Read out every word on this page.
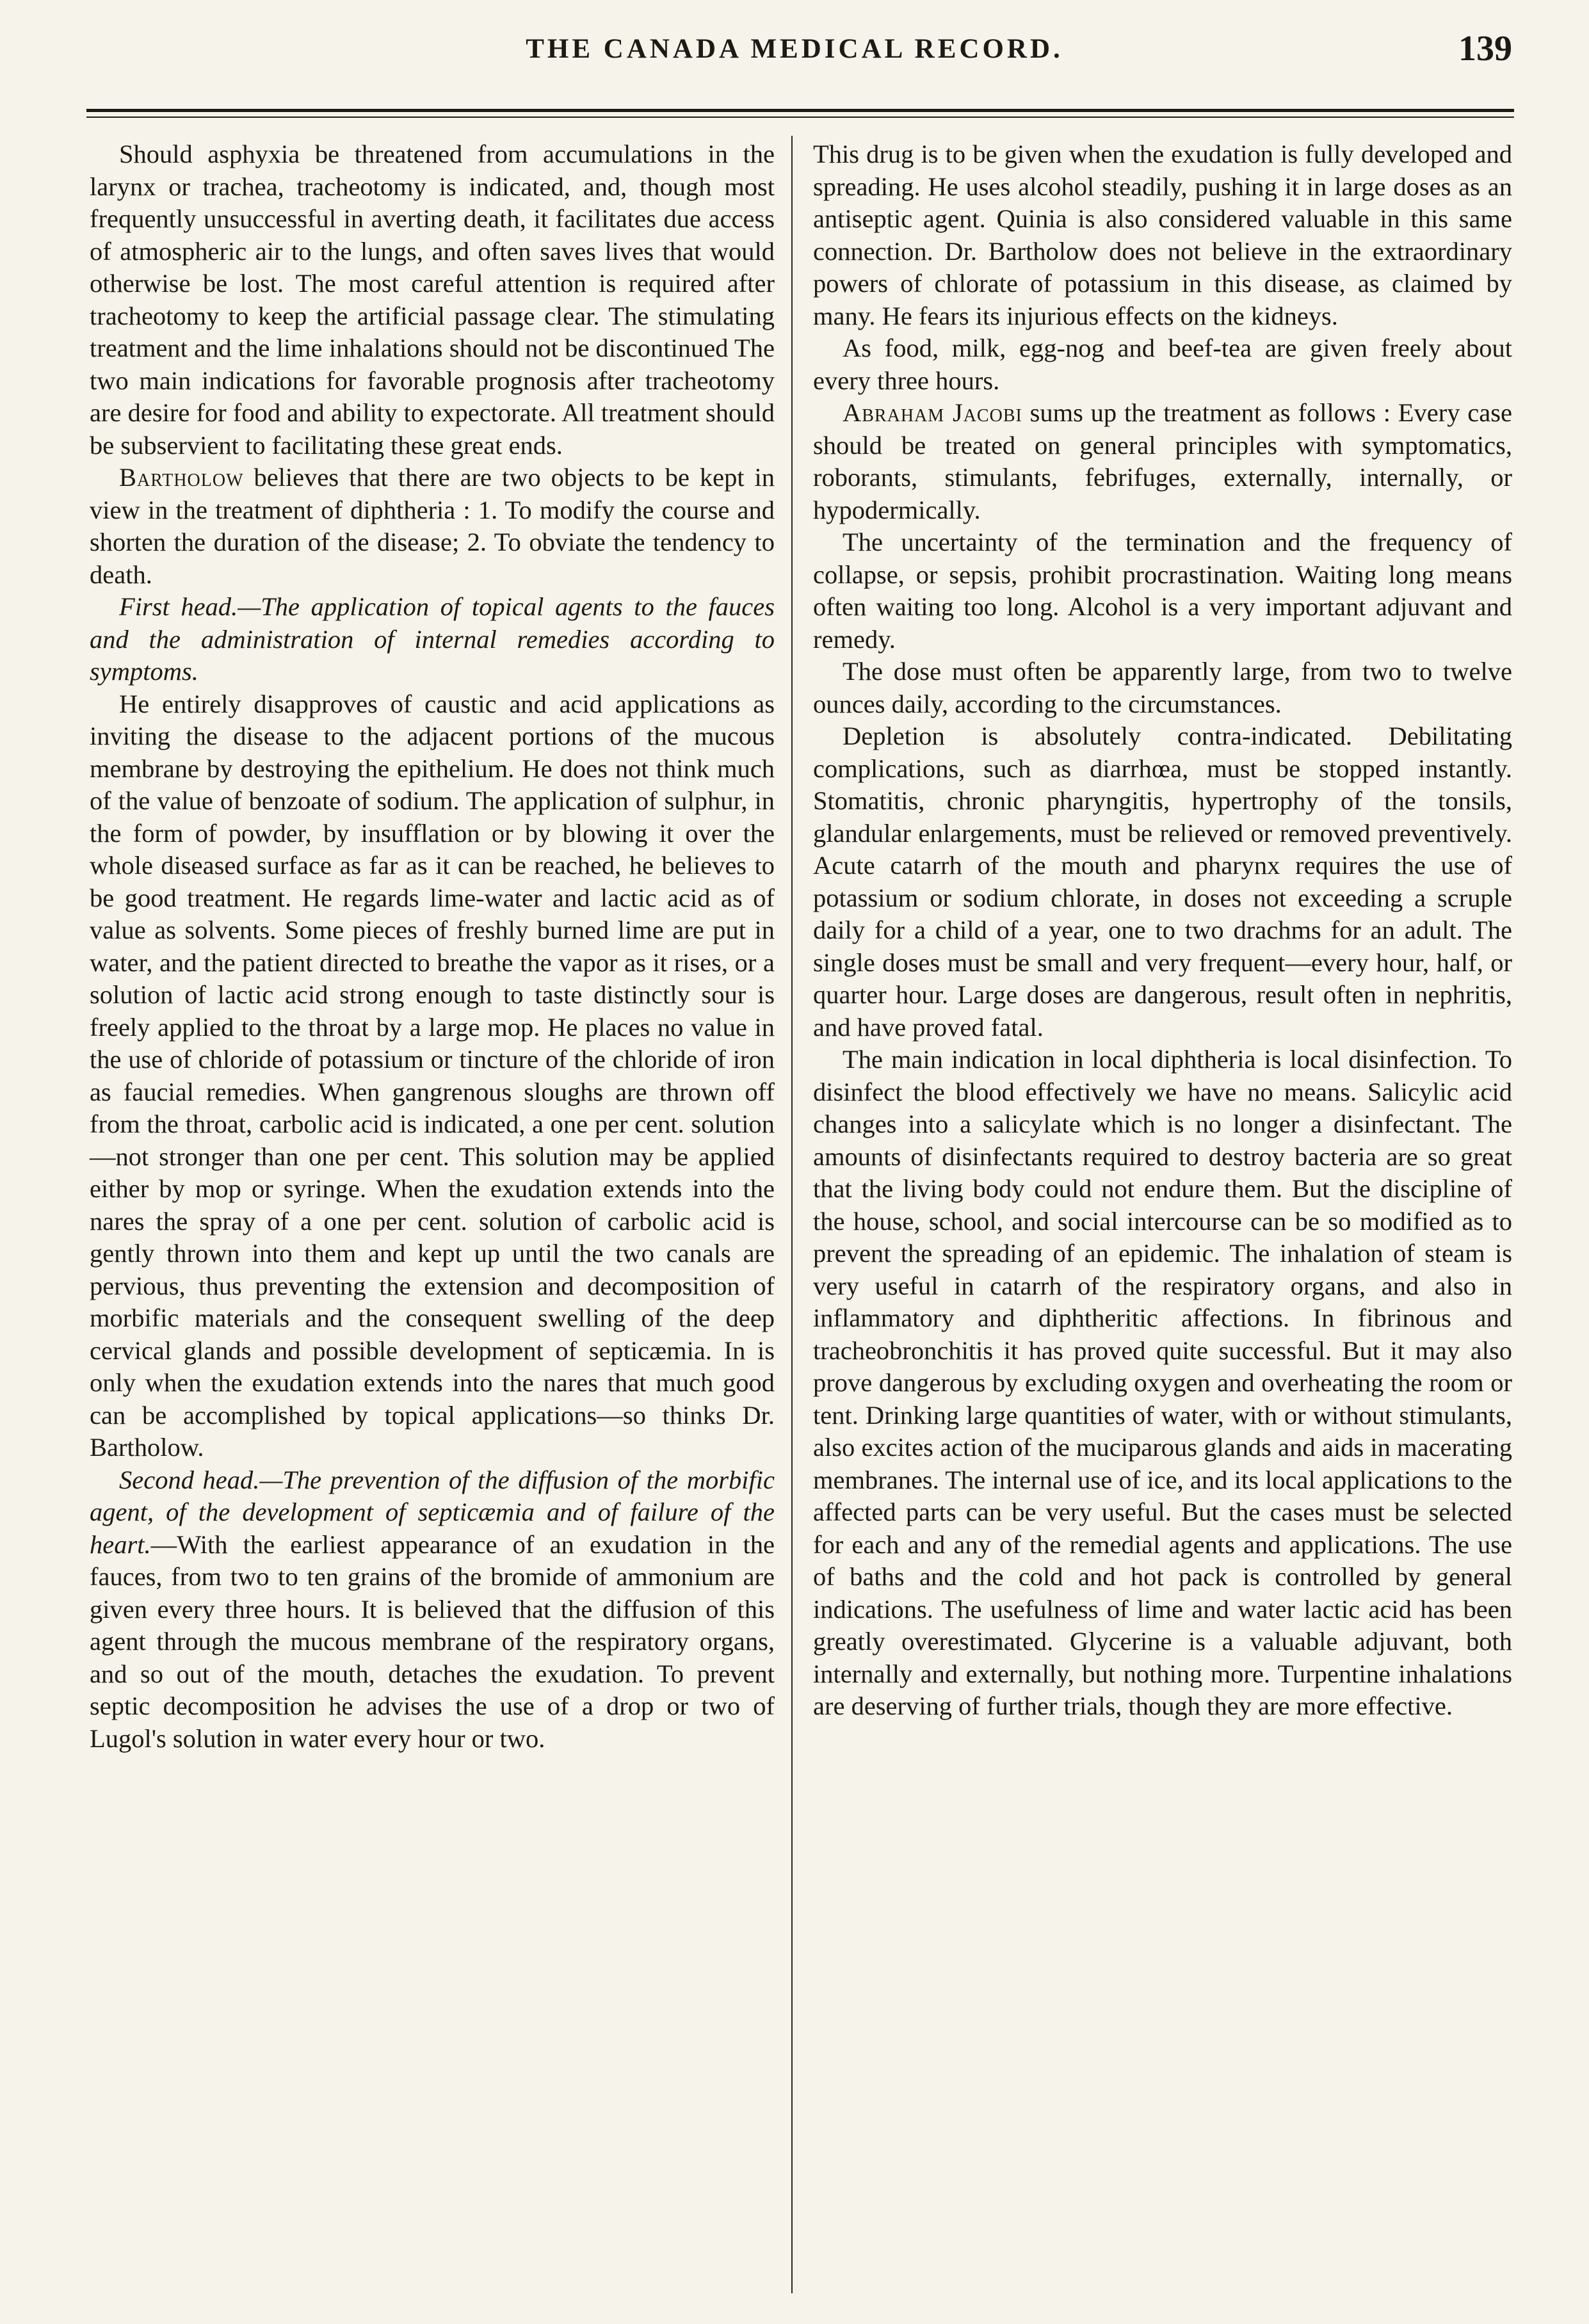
THE CANADA MEDICAL RECORD.	139

Should asphyxia be threatened from accumulations in the larynx or trachea, tracheotomy is indicated, and, though most frequently unsuccessful in averting death, it facilitates due access of atmospheric air to the lungs, and often saves lives that would otherwise be lost. The most careful attention is required after tracheotomy to keep the artificial passage clear. The stimulating treatment and the lime inhalations should not be discontinued The two main indications for favorable prognosis after tracheotomy are desire for food and ability to expectorate. All treatment should be subservient to facilitating these great ends.

Bartholow believes that there are two objects to be kept in view in the treatment of diphtheria : 1. To modify the course and shorten the duration of the disease; 2. To obviate the tendency to death.

First head.—The application of topical agents to the fauces and the administration of internal remedies according to symptoms.

He entirely disapproves of caustic and acid applications as inviting the disease to the adjacent portions of the mucous membrane by destroying the epithelium. He does not think much of the value of benzoate of sodium. The application of sulphur, in the form of powder, by insufflation or by blowing it over the whole diseased surface as far as it can be reached, he believes to be good treatment. He regards lime-water and lactic acid as of value as solvents. Some pieces of freshly burned lime are put in water, and the patient directed to breathe the vapor as it rises, or a solution of lactic acid strong enough to taste distinctly sour is freely applied to the throat by a large mop. He places no value in the use of chloride of potassium or tincture of the chloride of iron as faucial remedies. When gangrenous sloughs are thrown off from the throat, carbolic acid is indicated, a one per cent. solution—not stronger than one per cent. This solution may be applied either by mop or syringe. When the exudation extends into the nares the spray of a one per cent. solution of carbolic acid is gently thrown into them and kept up until the two canals are pervious, thus preventing the extension and decomposition of morbific materials and the consequent swelling of the deep cervical glands and possible development of septicæmia. In is only when the exudation extends into the nares that much good can be accomplished by topical applications—so thinks Dr. Bartholow.

Second head.—The prevention of the diffusion of the morbific agent, of the development of septicæmia and of failure of the heart.—With the earliest appearance of an exudation in the fauces, from two to ten grains of the bromide of ammonium are given every three hours. It is believed that the diffusion of this agent through the mucous membrane of the respiratory organs, and so out of the mouth, detaches the exudation. To prevent septic decomposition he advises the use of a drop or two of Lugol's solution in water every hour or two.

This drug is to be given when the exudation is fully developed and spreading. He uses alcohol steadily, pushing it in large doses as an antiseptic agent. Quinia is also considered valuable in this same connection. Dr. Bartholow does not believe in the extraordinary powers of chlorate of potassium in this disease, as claimed by many. He fears its injurious effects on the kidneys.

As food, milk, egg-nog and beef-tea are given freely about every three hours.

Abraham Jacobi sums up the treatment as follows : Every case should be treated on general principles with symptomatics, roborants, stimulants, febrifuges, externally, internally, or hypodermically.

The uncertainty of the termination and the frequency of collapse, or sepsis, prohibit procrastination. Waiting long means often waiting too long. Alcohol is a very important adjuvant and remedy.

The dose must often be apparently large, from two to twelve ounces daily, according to the circumstances.

Depletion is absolutely contra-indicated. Debilitating complications, such as diarrhœa, must be stopped instantly. Stomatitis, chronic pharyngitis, hypertrophy of the tonsils, glandular enlargements, must be relieved or removed preventively. Acute catarrh of the mouth and pharynx requires the use of potassium or sodium chlorate, in doses not exceeding a scruple daily for a child of a year, one to two drachms for an adult. The single doses must be small and very frequent—every hour, half, or quarter hour. Large doses are dangerous, result often in nephritis, and have proved fatal.

The main indication in local diphtheria is local disinfection. To disinfect the blood effectively we have no means. Salicylic acid changes into a salicylate which is no longer a disinfectant. The amounts of disinfectants required to destroy bacteria are so great that the living body could not endure them. But the discipline of the house, school, and social intercourse can be so modified as to prevent the spreading of an epidemic. The inhalation of steam is very useful in catarrh of the respiratory organs, and also in inflammatory and diphtheritic affections. In fibrinous and tracheobronchitis it has proved quite successful. But it may also prove dangerous by excluding oxygen and overheating the room or tent. Drinking large quantities of water, with or without stimulants, also excites action of the muciparous glands and aids in macerating membranes. The internal use of ice, and its local applications to the affected parts can be very useful. But the cases must be selected for each and any of the remedial agents and applications. The use of baths and the cold and hot pack is controlled by general indications. The usefulness of lime and water lactic acid has been greatly overestimated. Glycerine is a valuable adjuvant, both internally and externally, but nothing more. Turpentine inhalations are deserving of further trials, though they are more effective.
